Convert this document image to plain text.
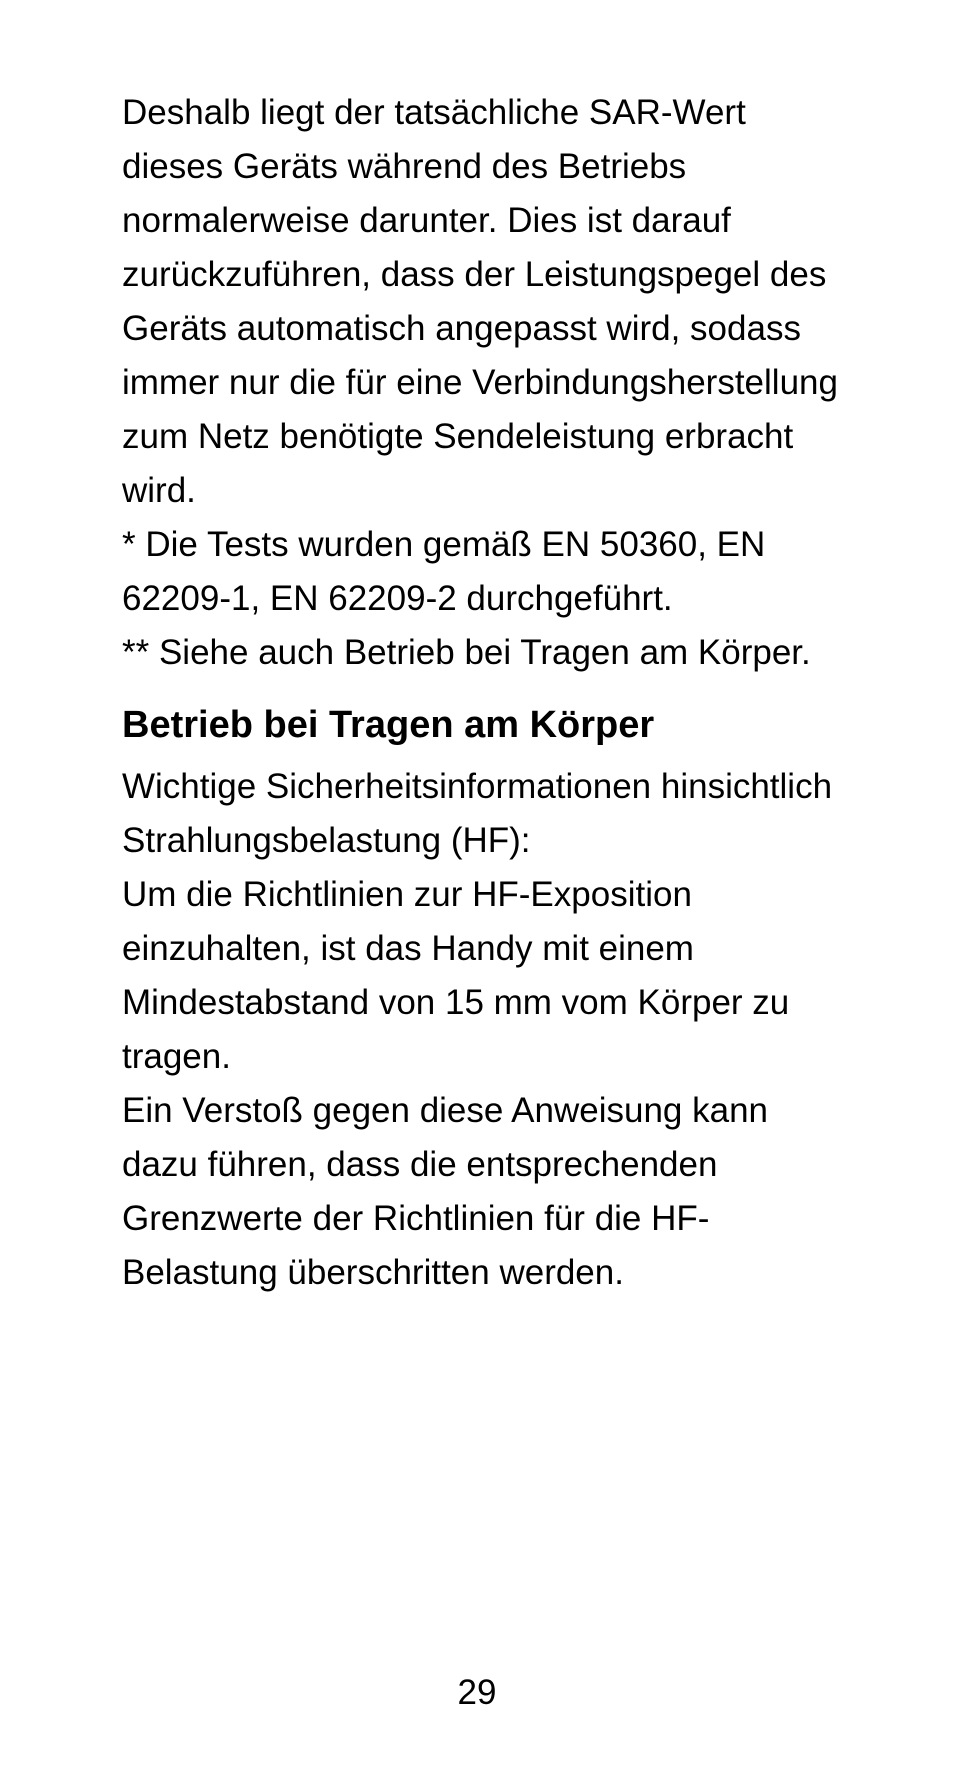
Deshalb liegt der tatsächliche SAR-Wert
dieses Geräts während des Betriebs
normalerweise darunter. Dies ist darauf
zurückzuführen, dass der Leistungspegel des
Geräts automatisch angepasst wird, sodass
immer nur die für eine Verbindungsherstellung
zum Netz benötigte Sendeleistung erbracht
wird.

* Die Tests wurden gemäß EN 50360, EN
62209-1, EN 62209-2 durchgeführt.

** Siehe auch Betrieb bei Tragen am Körper.

Betrieb bei Tragen am Körper

Wichtige Sicherheitsinformationen hinsichtlich
Strahlungsbelastung (HF):

Um die Richtlinien zur HF-Exposition
einzuhalten, ist das Handy mit einem
Mindestabstand von 15 mm vom Körper zu
tragen.

Ein Verstoß gegen diese Anweisung kann
dazu führen, dass die entsprechenden
Grenzwerte der Richtlinien für die HF-
Belastung überschritten werden.

29
